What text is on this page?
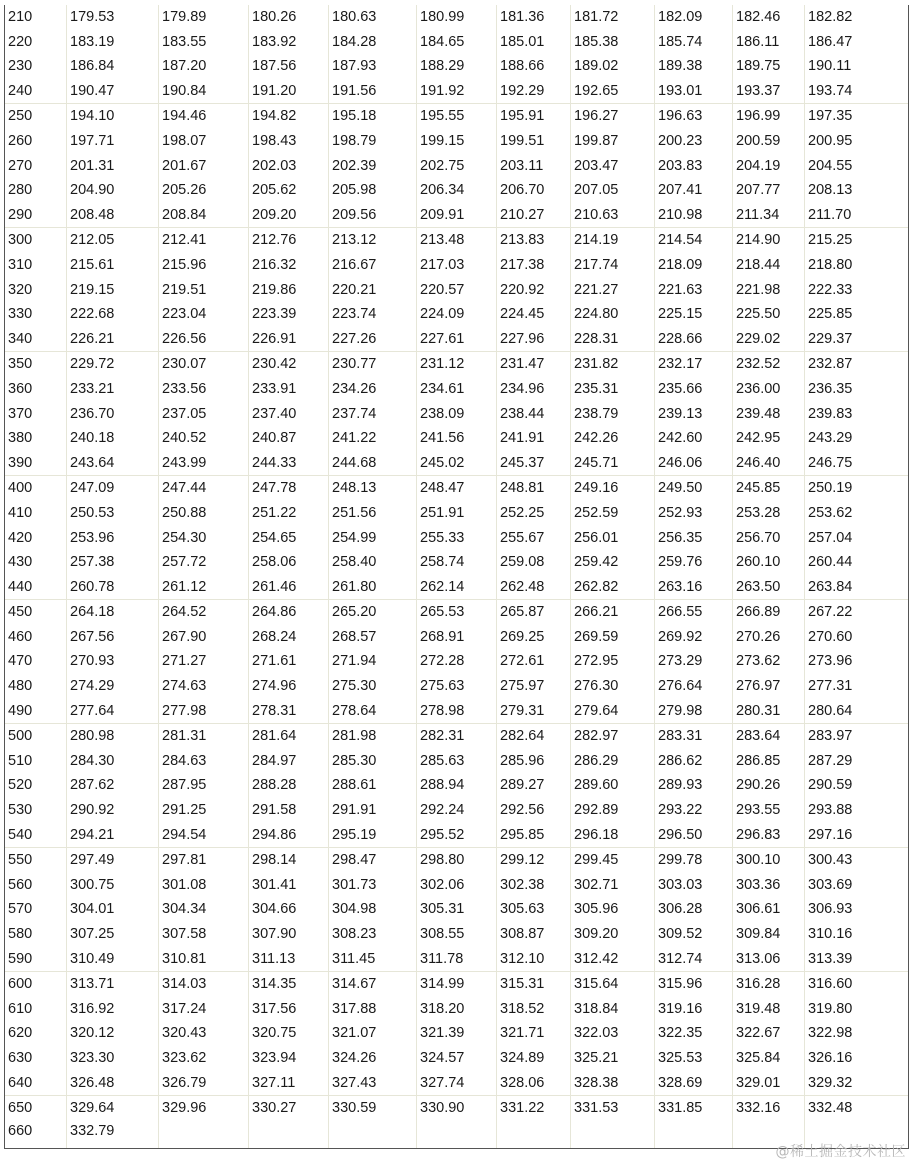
210	179.53	179.89	180.26	180.63	180.99	181.36	181.72	182.09	182.46	182.82
220	183.19	183.55	183.92	184.28	184.65	185.01	185.38	185.74	186.11	186.47
230	186.84	187.20	187.56	187.93	188.29	188.66	189.02	189.38	189.75	190.11
240	190.47	190.84	191.20	191.56	191.92	192.29	192.65	193.01	193.37	193.74
250	194.10	194.46	194.82	195.18	195.55	195.91	196.27	196.63	196.99	197.35
260	197.71	198.07	198.43	198.79	199.15	199.51	199.87	200.23	200.59	200.95
270	201.31	201.67	202.03	202.39	202.75	203.11	203.47	203.83	204.19	204.55
280	204.90	205.26	205.62	205.98	206.34	206.70	207.05	207.41	207.77	208.13
290	208.48	208.84	209.20	209.56	209.91	210.27	210.63	210.98	211.34	211.70
300	212.05	212.41	212.76	213.12	213.48	213.83	214.19	214.54	214.90	215.25
310	215.61	215.96	216.32	216.67	217.03	217.38	217.74	218.09	218.44	218.80
320	219.15	219.51	219.86	220.21	220.57	220.92	221.27	221.63	221.98	222.33
330	222.68	223.04	223.39	223.74	224.09	224.45	224.80	225.15	225.50	225.85
340	226.21	226.56	226.91	227.26	227.61	227.96	228.31	228.66	229.02	229.37
350	229.72	230.07	230.42	230.77	231.12	231.47	231.82	232.17	232.52	232.87
360	233.21	233.56	233.91	234.26	234.61	234.96	235.31	235.66	236.00	236.35
370	236.70	237.05	237.40	237.74	238.09	238.44	238.79	239.13	239.48	239.83
380	240.18	240.52	240.87	241.22	241.56	241.91	242.26	242.60	242.95	243.29
390	243.64	243.99	244.33	244.68	245.02	245.37	245.71	246.06	246.40	246.75
400	247.09	247.44	247.78	248.13	248.47	248.81	249.16	249.50	245.85	250.19
410	250.53	250.88	251.22	251.56	251.91	252.25	252.59	252.93	253.28	253.62
420	253.96	254.30	254.65	254.99	255.33	255.67	256.01	256.35	256.70	257.04
430	257.38	257.72	258.06	258.40	258.74	259.08	259.42	259.76	260.10	260.44
440	260.78	261.12	261.46	261.80	262.14	262.48	262.82	263.16	263.50	263.84
450	264.18	264.52	264.86	265.20	265.53	265.87	266.21	266.55	266.89	267.22
460	267.56	267.90	268.24	268.57	268.91	269.25	269.59	269.92	270.26	270.60
470	270.93	271.27	271.61	271.94	272.28	272.61	272.95	273.29	273.62	273.96
480	274.29	274.63	274.96	275.30	275.63	275.97	276.30	276.64	276.97	277.31
490	277.64	277.98	278.31	278.64	278.98	279.31	279.64	279.98	280.31	280.64
500	280.98	281.31	281.64	281.98	282.31	282.64	282.97	283.31	283.64	283.97
510	284.30	284.63	284.97	285.30	285.63	285.96	286.29	286.62	286.85	287.29
520	287.62	287.95	288.28	288.61	288.94	289.27	289.60	289.93	290.26	290.59
530	290.92	291.25	291.58	291.91	292.24	292.56	292.89	293.22	293.55	293.88
540	294.21	294.54	294.86	295.19	295.52	295.85	296.18	296.50	296.83	297.16
550	297.49	297.81	298.14	298.47	298.80	299.12	299.45	299.78	300.10	300.43
560	300.75	301.08	301.41	301.73	302.06	302.38	302.71	303.03	303.36	303.69
570	304.01	304.34	304.66	304.98	305.31	305.63	305.96	306.28	306.61	306.93
580	307.25	307.58	307.90	308.23	308.55	308.87	309.20	309.52	309.84	310.16
590	310.49	310.81	311.13	311.45	311.78	312.10	312.42	312.74	313.06	313.39
600	313.71	314.03	314.35	314.67	314.99	315.31	315.64	315.96	316.28	316.60
610	316.92	317.24	317.56	317.88	318.20	318.52	318.84	319.16	319.48	319.80
620	320.12	320.43	320.75	321.07	321.39	321.71	322.03	322.35	322.67	322.98
630	323.30	323.62	323.94	324.26	324.57	324.89	325.21	325.53	325.84	326.16
640	326.48	326.79	327.11	327.43	327.74	328.06	328.38	328.69	329.01	329.32
650	329.64	329.96	330.27	330.59	330.90	331.22	331.53	331.85	332.16	332.48
660	332.79									
@稀土掘金技术社区
